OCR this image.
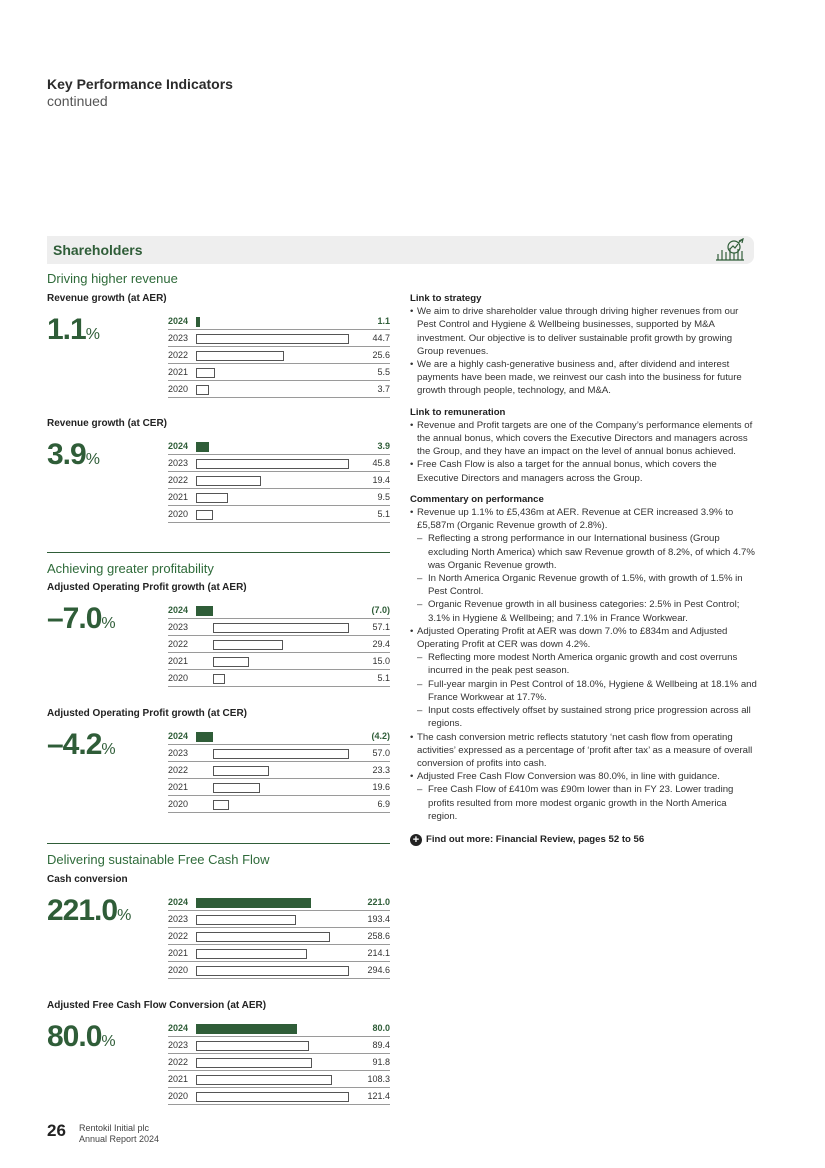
Key Performance Indicators
continued
Shareholders
Driving higher revenue
Achieving greater profitability
Delivering sustainable Free Cash Flow
Revenue growth (at AER)
1.1%
2024	1.1
2023	44.7
2022	25.6
2021	5.5
2020	3.7
Revenue growth (at CER)
3.9%
2024	3.9
2023	45.8
2022	19.4
2021	9.5
2020	5.1
Adjusted Operating Profit growth (at AER)
–7.0%
2024	(7.0)
2023	57.1
2022	29.4
2021	15.0
2020	5.1
Adjusted Operating Profit growth (at CER)
–4.2%
2024	(4.2)
2023	57.0
2022	23.3
2021	19.6
2020	6.9
Cash conversion
221.0%
2024	221.0
2023	193.4
2022	258.6
2021	214.1
2020	294.6
Adjusted Free Cash Flow Conversion (at AER)
80.0%
2024	80.0
2023	89.4
2022	91.8
2021	108.3
2020	121.4
Link to strategy
• We aim to drive shareholder value through driving higher revenues from our Pest Control and Hygiene & Wellbeing businesses, supported by M&A investment. Our objective is to deliver sustainable profit growth by growing Group revenues.
• We are a highly cash-generative business and, after dividend and interest payments have been made, we reinvest our cash into the business for future growth through people, technology, and M&A.
Link to remuneration
• Revenue and Profit targets are one of the Company’s performance elements of the annual bonus, which covers the Executive Directors and managers across the Group, and they have an impact on the level of annual bonus achieved.
• Free Cash Flow is also a target for the annual bonus, which covers the Executive Directors and managers across the Group.
Commentary on performance
• Revenue up 1.1% to £5,436m at AER. Revenue at CER increased 3.9% to £5,587m (Organic Revenue growth of 2.8%).
– Reflecting a strong performance in our International business (Group excluding North America) which saw Revenue growth of 8.2%, of which 4.7% was Organic Revenue growth.
– In North America Organic Revenue growth of 1.5%, with growth of 1.5% in Pest Control.
– Organic Revenue growth in all business categories: 2.5% in Pest Control; 3.1% in Hygiene & Wellbeing; and 7.1% in France Workwear.
• Adjusted Operating Profit at AER was down 7.0% to £834m and Adjusted Operating Profit at CER was down 4.2%.
– Reflecting more modest North America organic growth and cost overruns incurred in the peak pest season.
– Full-year margin in Pest Control of 18.0%, Hygiene & Wellbeing at 18.1% and France Workwear at 17.7%.
– Input costs effectively offset by sustained strong price progression across all regions.
• The cash conversion metric reflects statutory ‘net cash flow from operating activities’ expressed as a percentage of ‘profit after tax’ as a measure of overall conversion of profits into cash.
• Adjusted Free Cash Flow Conversion was 80.0%, in line with guidance.
– Free Cash Flow of £410m was £90m lower than in FY 23. Lower trading profits resulted from more modest organic growth in the North America region.
+ Find out more: Financial Review, pages 52 to 56
26 Rentokil Initial plc
Annual Report 2024
